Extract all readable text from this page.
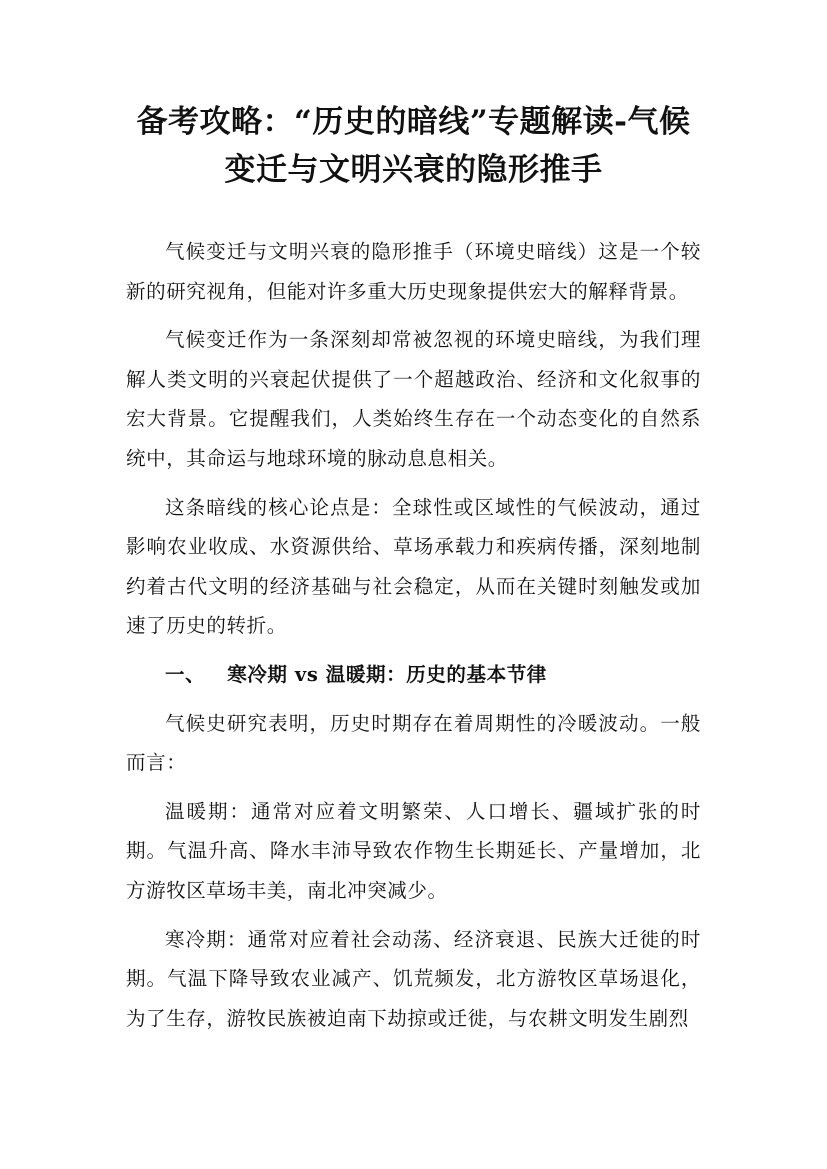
备考攻略：“历史的暗线”专题解读-气候
变迁与文明兴衰的隐形推手

气候变迁与文明兴衰的隐形推手（环境史暗线）这是一个较新的研究视角，但能对许多重大历史现象提供宏大的解释背景。

气候变迁作为一条深刻却常被忽视的环境史暗线，为我们理解人类文明的兴衰起伏提供了一个超越政治、经济和文化叙事的宏大背景。它提醒我们，人类始终生存在一个动态变化的自然系统中，其命运与地球环境的脉动息息相关。

这条暗线的核心论点是：全球性或区域性的气候波动，通过影响农业收成、水资源供给、草场承载力和疾病传播，深刻地制约着古代文明的经济基础与社会稳定，从而在关键时刻触发或加速了历史的转折。

一、 寒冷期 vs 温暖期：历史的基本节律

气候史研究表明，历史时期存在着周期性的冷暖波动。一般而言：

温暖期：通常对应着文明繁荣、人口增长、疆域扩张的时期。气温升高、降水丰沛导致农作物生长期延长、产量增加，北方游牧区草场丰美，南北冲突减少。

寒冷期：通常对应着社会动荡、经济衰退、民族大迁徙的时期。气温下降导致农业减产、饥荒频发，北方游牧区草场退化，为了生存，游牧民族被迫南下劫掠或迁徙，与农耕文明发生剧烈
